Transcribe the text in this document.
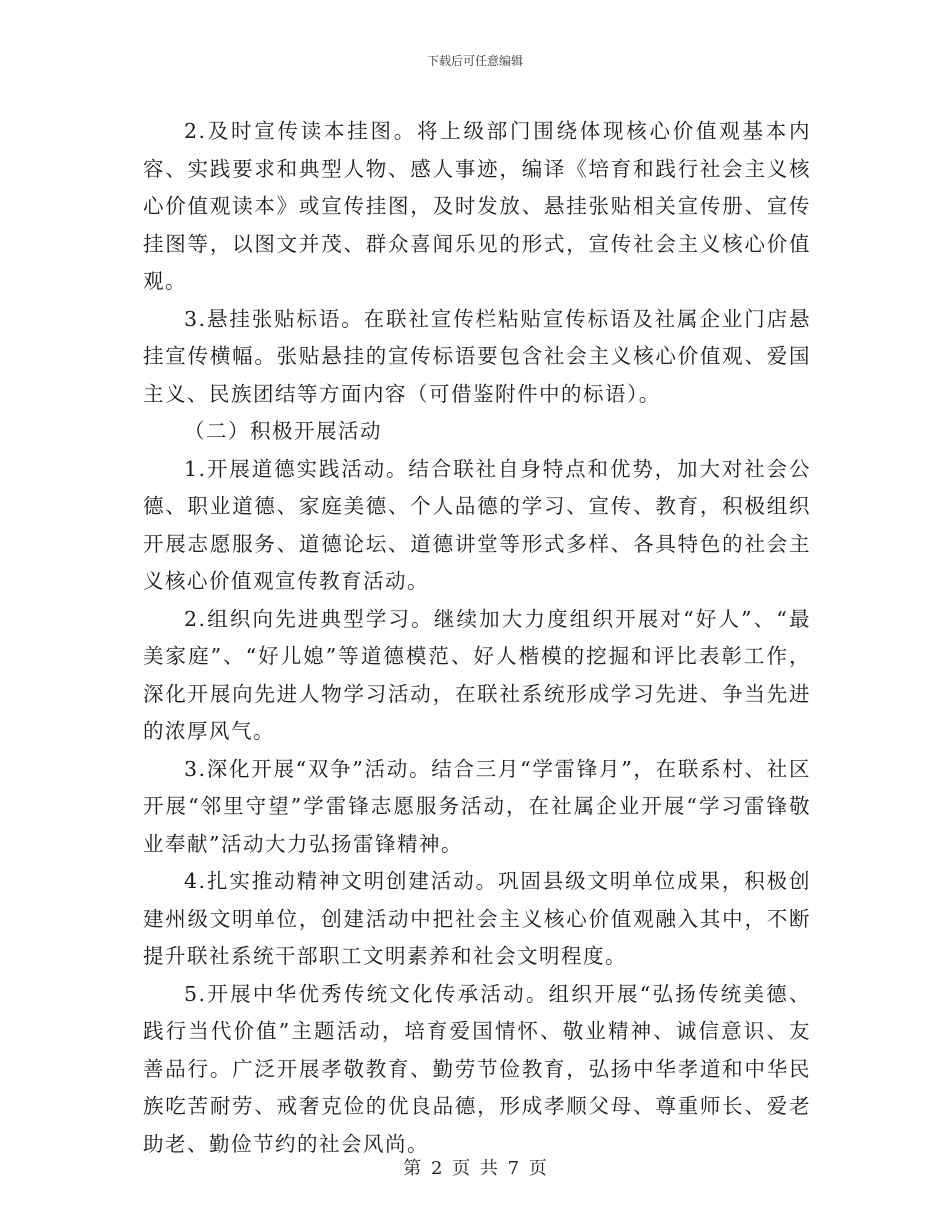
下载后可任意编辑

2.及时宣传读本挂图。将上级部门围绕体现核心价值观基本内容、实践要求和典型人物、感人事迹，编译《培育和践行社会主义核心价值观读本》或宣传挂图，及时发放、悬挂张贴相关宣传册、宣传挂图等，以图文并茂、群众喜闻乐见的形式，宣传社会主义核心价值观。

3.悬挂张贴标语。在联社宣传栏粘贴宣传标语及社属企业门店悬挂宣传横幅。张贴悬挂的宣传标语要包含社会主义核心价值观、爱国主义、民族团结等方面内容（可借鉴附件中的标语）。

（二）积极开展活动

1.开展道德实践活动。结合联社自身特点和优势，加大对社会公德、职业道德、家庭美德、个人品德的学习、宣传、教育，积极组织开展志愿服务、道德论坛、道德讲堂等形式多样、各具特色的社会主义核心价值观宣传教育活动。

2.组织向先进典型学习。继续加大力度组织开展对“好人”、“最美家庭”、“好儿媳”等道德模范、好人楷模的挖掘和评比表彰工作，深化开展向先进人物学习活动，在联社系统形成学习先进、争当先进的浓厚风气。

3.深化开展“双争”活动。结合三月“学雷锋月”，在联系村、社区开展“邻里守望”学雷锋志愿服务活动，在社属企业开展“学习雷锋敬业奉献”活动大力弘扬雷锋精神。

4.扎实推动精神文明创建活动。巩固县级文明单位成果，积极创建州级文明单位，创建活动中把社会主义核心价值观融入其中，不断提升联社系统干部职工文明素养和社会文明程度。

5.开展中华优秀传统文化传承活动。组织开展“弘扬传统美德、践行当代价值”主题活动，培育爱国情怀、敬业精神、诚信意识、友善品行。广泛开展孝敬教育、勤劳节俭教育，弘扬中华孝道和中华民族吃苦耐劳、戒奢克俭的优良品德，形成孝顺父母、尊重师长、爱老助老、勤俭节约的社会风尚。

第 2 页 共 7 页
